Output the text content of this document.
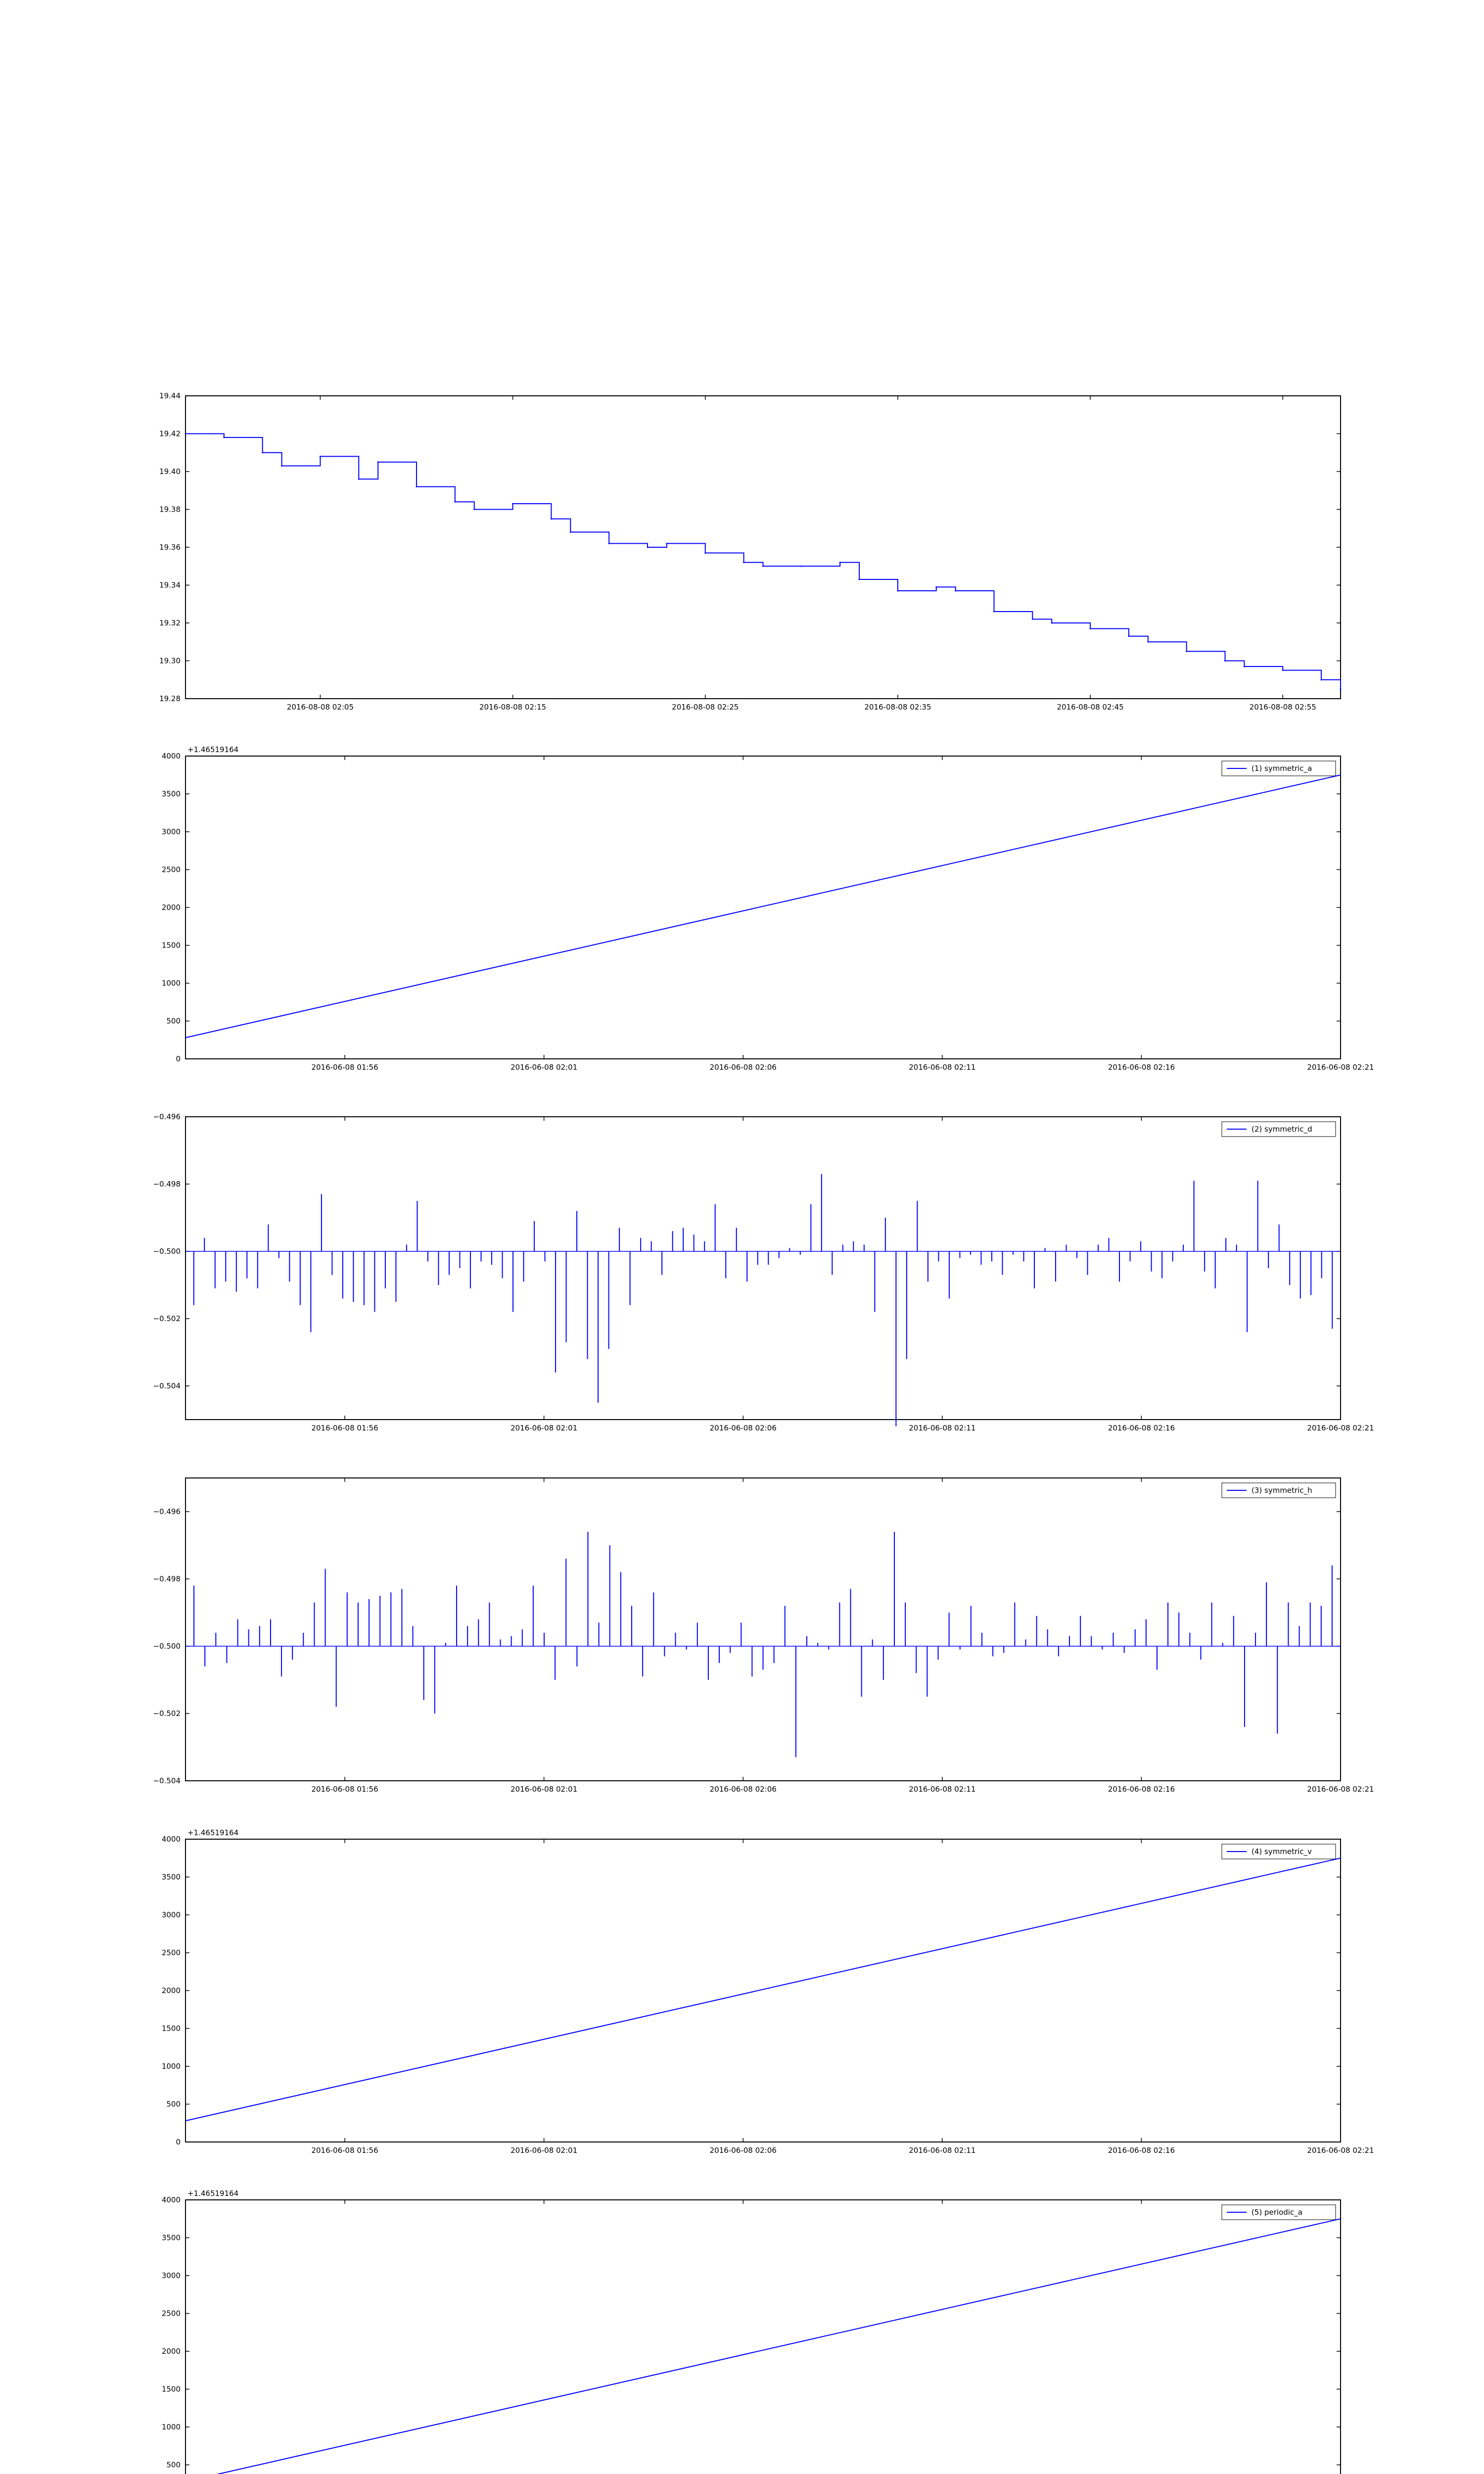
19.28
19.30
19.32
19.34
19.36
19.38
19.40
19.42
19.44
2016-08-08 02:05	2016-08-08 02:15	2016-08-08 02:25	2016-08-08 02:35	2016-08-08 02:45	2016-08-08 02:55
0
500
1000
1500
2000
2500
3000
3500
4000
2016-06-08 01:56	2016-06-08 02:01	2016-06-08 02:06	2016-06-08 02:11	2016-06-08 02:16	2016-06-08 02:21
+1.46519164
(1) symmetric_a
−0.504
−0.502
−0.500
−0.498
−0.496
2016-06-08 01:56	2016-06-08 02:01	2016-06-08 02:06	2016-06-08 02:11	2016-06-08 02:16	2016-06-08 02:21
(2) symmetric_d
−0.504
−0.502
−0.500
−0.498
−0.496
2016-06-08 01:56	2016-06-08 02:01	2016-06-08 02:06	2016-06-08 02:11	2016-06-08 02:16	2016-06-08 02:21
(3) symmetric_h
0
500
1000
1500
2000
2500
3000
3500
4000
2016-06-08 01:56	2016-06-08 02:01	2016-06-08 02:06	2016-06-08 02:11	2016-06-08 02:16	2016-06-08 02:21
+1.46519164
(4) symmetric_v
500
1000
1500
2000
2500
3000
3500
4000
+1.46519164
(5) periodic_a
